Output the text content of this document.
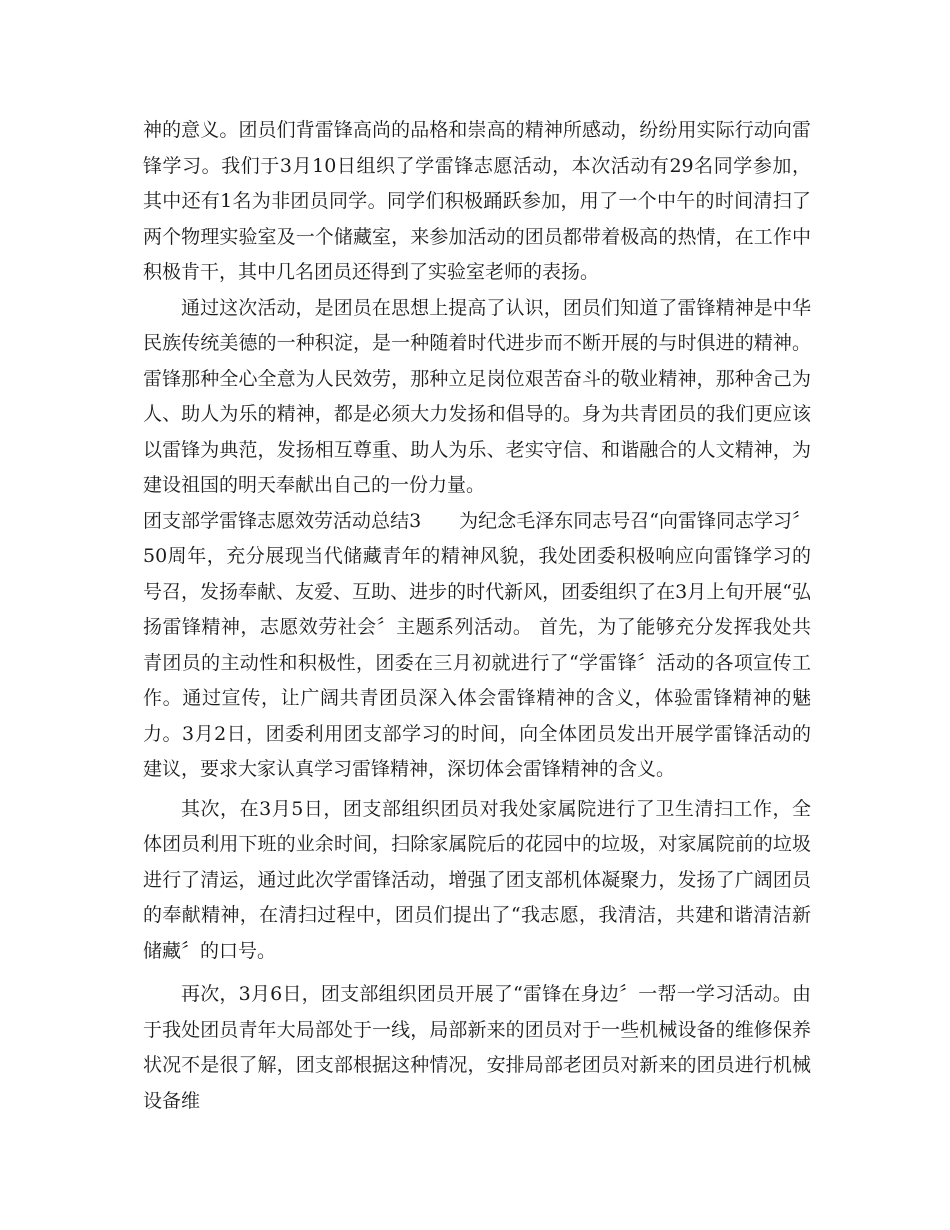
神的意义。团员们背雷锋高尚的品格和崇高的精神所感动，纷纷用实际行动向雷锋学习。我们于3月10日组织了学雷锋志愿活动，本次活动有29名同学参加，其中还有1名为非团员同学。同学们积极踊跃参加，用了一个中午的时间清扫了两个物理实验室及一个储藏室，来参加活动的团员都带着极高的热情，在工作中积极肯干，其中几名团员还得到了实验室老师的表扬。

通过这次活动，是团员在思想上提高了认识，团员们知道了雷锋精神是中华民族传统美德的一种积淀，是一种随着时代进步而不断开展的与时俱进的精神。雷锋那种全心全意为人民效劳，那种立足岗位艰苦奋斗的敬业精神，那种舍己为人、助人为乐的精神，都是必须大力发扬和倡导的。身为共青团员的我们更应该以雷锋为典范，发扬相互尊重、助人为乐、老实守信、和谐融合的人文精神，为建设祖国的明天奉献出自己的一份力量。

团支部学雷锋志愿效劳活动总结3　　为纪念毛泽东同志号召“向雷锋同志学习〞50周年，充分展现当代储藏青年的精神风貌，我处团委积极响应向雷锋学习的号召，发扬奉献、友爱、互助、进步的时代新风，团委组织了在3月上旬开展“弘扬雷锋精神，志愿效劳社会〞主题系列活动。 首先，为了能够充分发挥我处共青团员的主动性和积极性，团委在三月初就进行了“学雷锋〞活动的各项宣传工作。通过宣传，让广阔共青团员深入体会雷锋精神的含义，体验雷锋精神的魅力。3月2日，团委利用团支部学习的时间，向全体团员发出开展学雷锋活动的建议，要求大家认真学习雷锋精神，深切体会雷锋精神的含义。

其次，在3月5日，团支部组织团员对我处家属院进行了卫生清扫工作，全体团员利用下班的业余时间，扫除家属院后的花园中的垃圾，对家属院前的垃圾进行了清运，通过此次学雷锋活动，增强了团支部机体凝聚力，发扬了广阔团员的奉献精神，在清扫过程中，团员们提出了“我志愿，我清洁，共建和谐清洁新储藏〞的口号。

再次，3月6日，团支部组织团员开展了“雷锋在身边〞一帮一学习活动。由于我处团员青年大局部处于一线，局部新来的团员对于一些机械设备的维修保养状况不是很了解，团支部根据这种情况，安排局部老团员对新来的团员进行机械设备维
